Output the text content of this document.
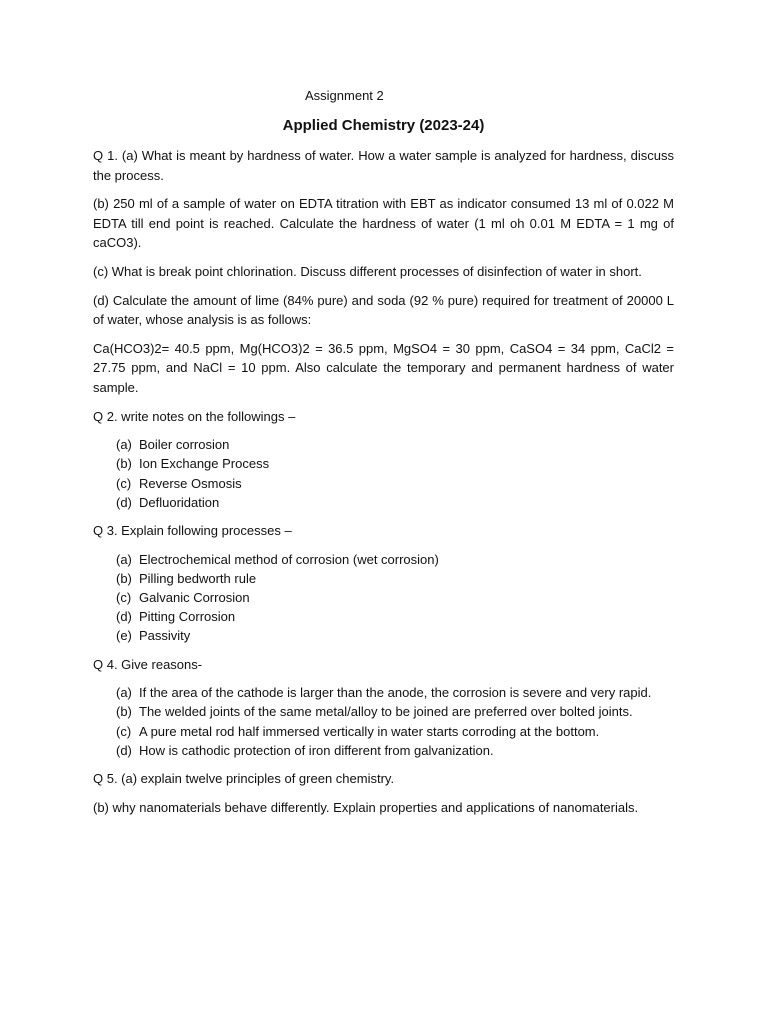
Assignment 2
Applied Chemistry (2023-24)

Q 1. (a) What is meant by hardness of water. How a water sample is analyzed for hardness, discuss the process.

(b) 250 ml of a sample of water on EDTA titration with EBT as indicator consumed 13 ml of 0.022 M EDTA till end point is reached. Calculate the hardness of water (1 ml oh 0.01 M EDTA = 1 mg of caCO3).

(c) What is break point chlorination. Discuss different processes of disinfection of water in short.

(d) Calculate the amount of lime (84% pure) and soda (92 % pure) required for treatment of 20000 L of water, whose analysis is as follows:

Ca(HCO3)2= 40.5 ppm, Mg(HCO3)2 = 36.5 ppm, MgSO4 = 30 ppm, CaSO4 = 34 ppm, CaCl2 = 27.75 ppm, and NaCl = 10 ppm. Also calculate the temporary and permanent hardness of water sample.

Q 2. write notes on the followings –

(a) Boiler corrosion
(b) Ion Exchange Process
(c) Reverse Osmosis
(d) Defluoridation

Q 3. Explain following processes –

(a) Electrochemical method of corrosion (wet corrosion)
(b) Pilling bedworth rule
(c) Galvanic Corrosion
(d) Pitting Corrosion
(e) Passivity

Q 4. Give reasons-

(a) If the area of the cathode is larger than the anode, the corrosion is severe and very rapid.
(b) The welded joints of the same metal/alloy to be joined are preferred over bolted joints.
(c) A pure metal rod half immersed vertically in water starts corroding at the bottom.
(d) How is cathodic protection of iron different from galvanization.

Q 5. (a) explain twelve principles of green chemistry.

(b) why nanomaterials behave differently. Explain properties and applications of nanomaterials.
